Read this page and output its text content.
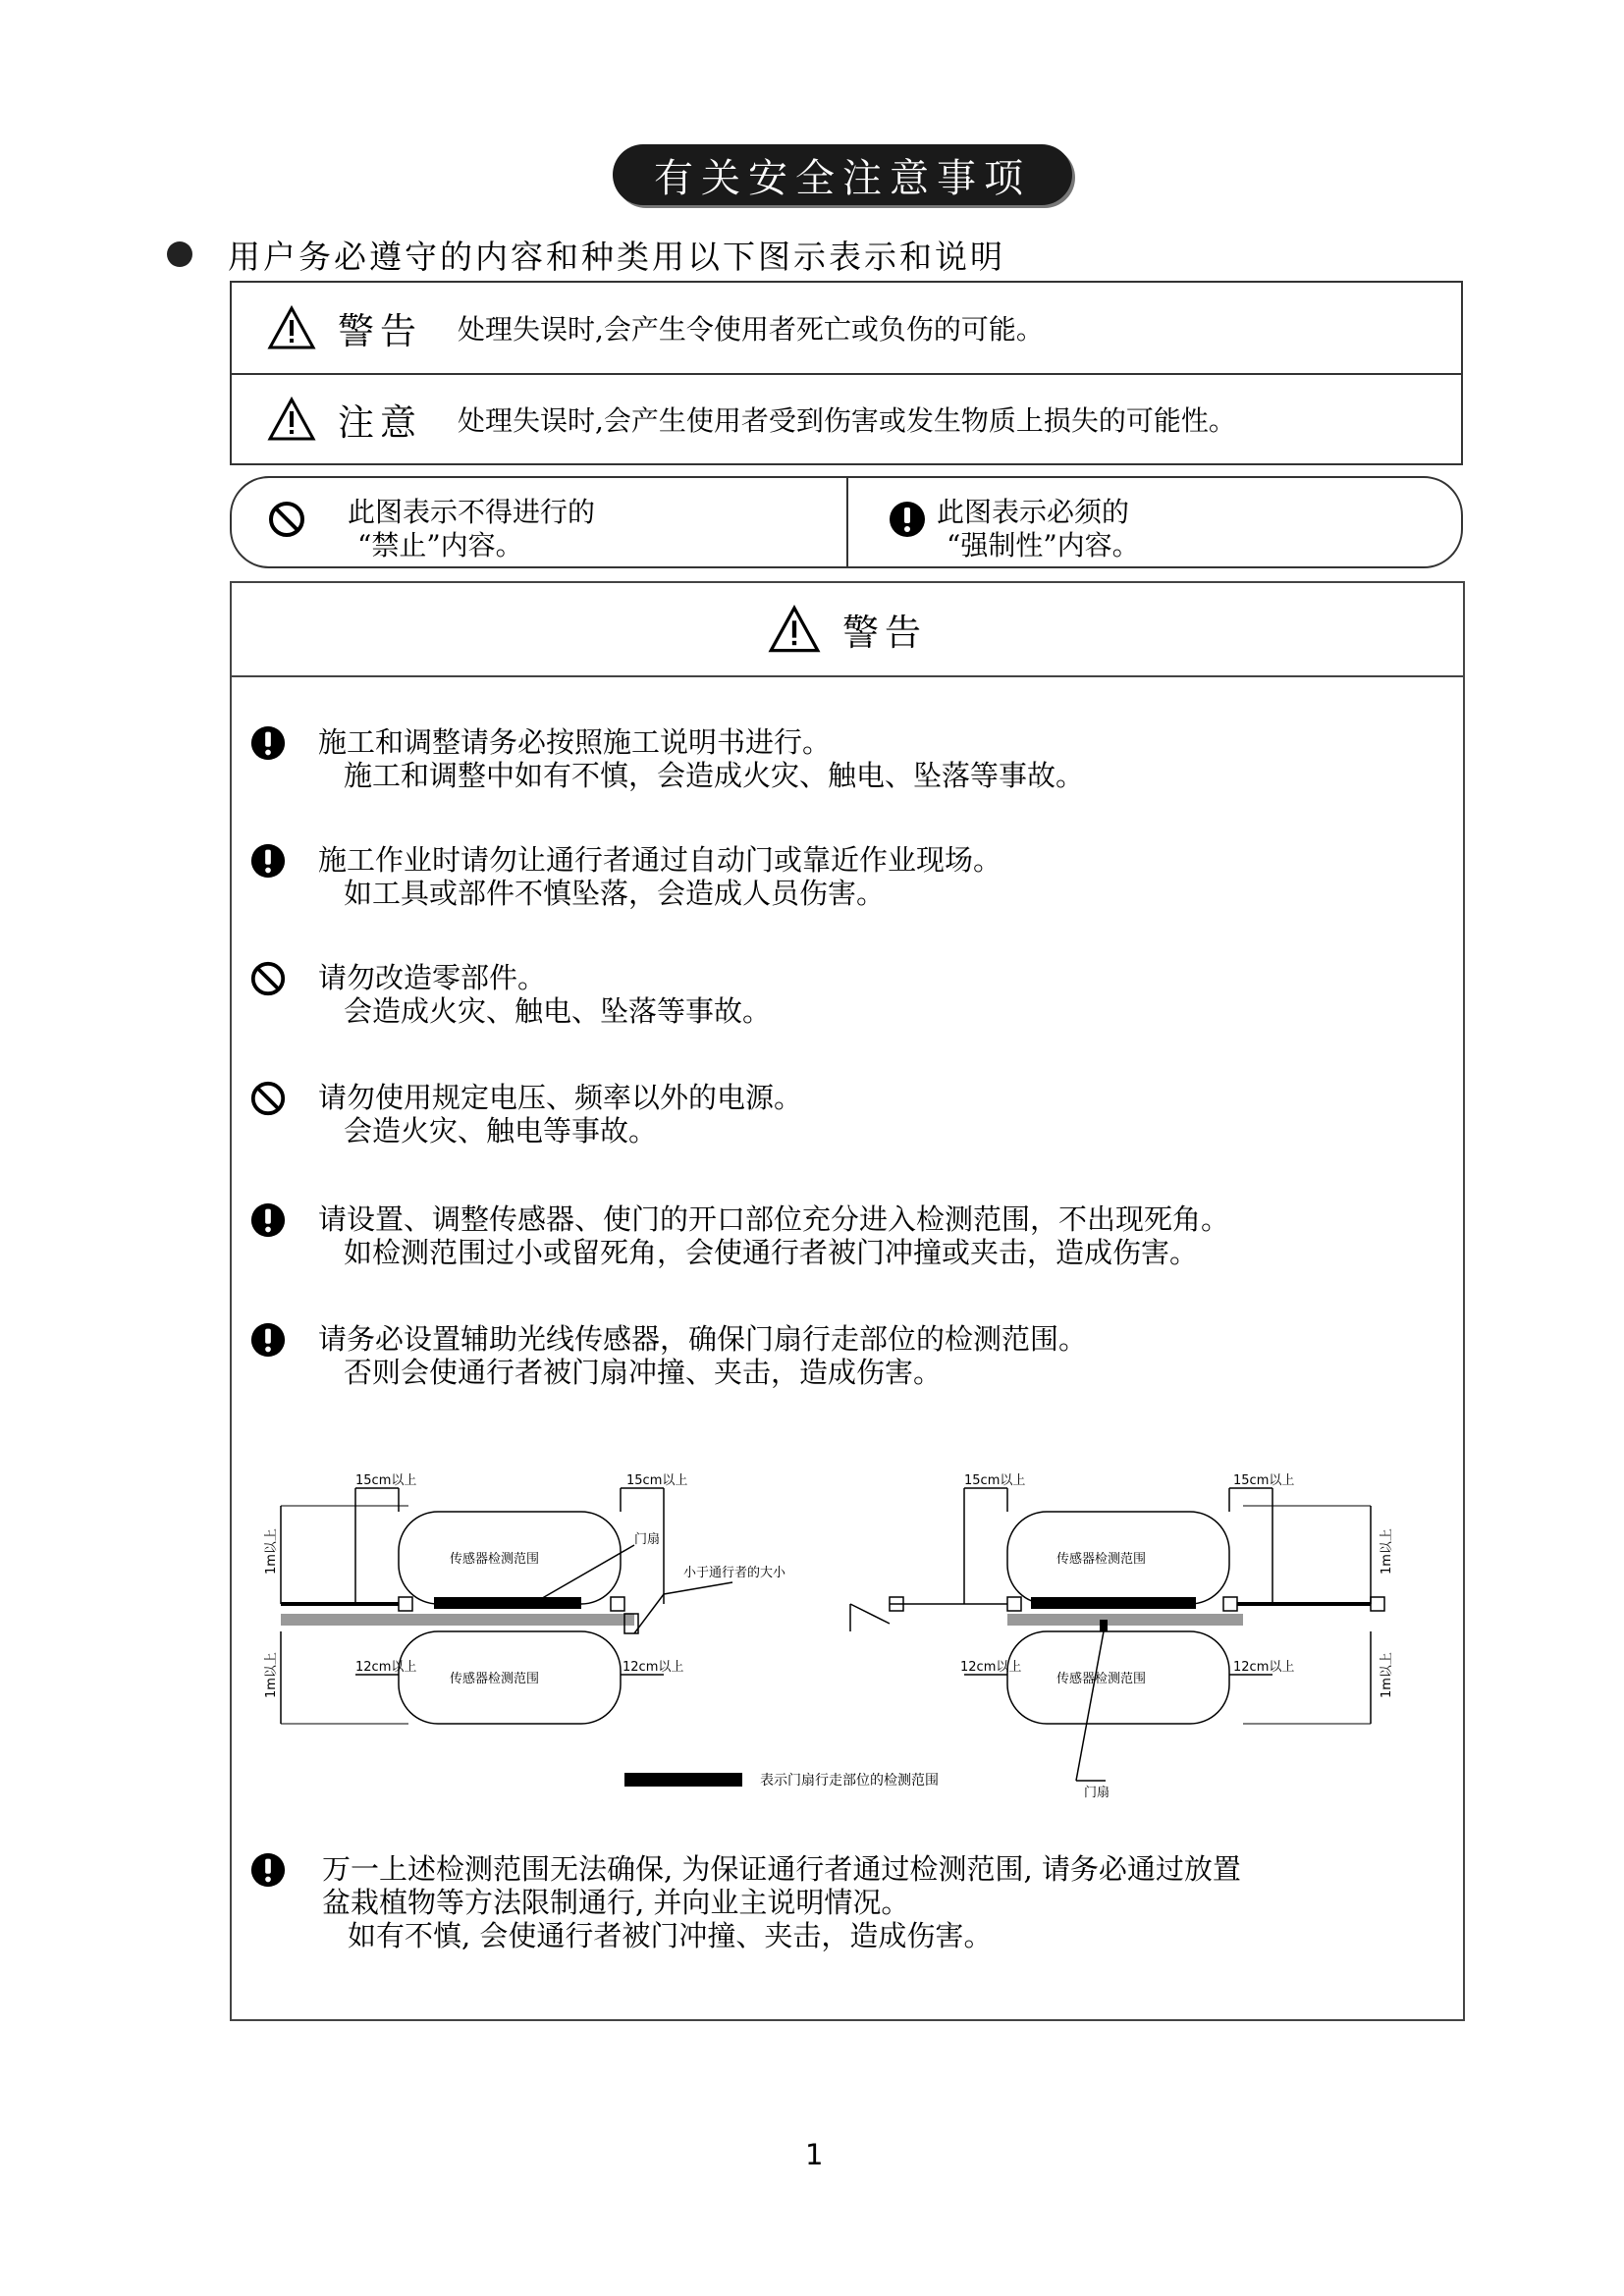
有关安全注意事项
用户务必遵守的内容和种类用以下图示表示和说明
警告	处理失误时,会产生令使用者死亡或负伤的可能。
注意	处理失误时,会产生使用者受到伤害或发生物质上损失的可能性。
此图表示不得进行的
“禁止”内容。
此图表示必须的
“强制性”内容。
警告
施工和调整请务必按照施工说明书进行。
施工和调整中如有不慎，会造成火灾、触电、坠落等事故。
施工作业时请勿让通行者通过自动门或靠近作业现场。
如工具或部件不慎坠落，会造成人员伤害。
请勿改造零部件。
会造成火灾、触电、坠落等事故。
请勿使用规定电压、频率以外的电源。
会造火灾、触电等事故。
请设置、调整传感器、使门的开口部位充分进入检测范围，不出现死角。
如检测范围过小或留死角，会使通行者被门冲撞或夹击，造成伤害。
请务必设置辅助光线传感器，确保门扇行走部位的检测范围。
否则会使通行者被门扇冲撞、夹击，造成伤害。
15cm以上	15cm以上
传感器检测范围
传感器检测范围
门扇
小于通行者的大小
12cm以上	12cm以上
1m以上
1m以上
15cm以上	15cm以上
传感器检测范围
传感器检测范围
12cm以上	12cm以上
门扇
1m以上
1m以上
表示门扇行走部位的检测范围
万一上述检测范围无法确保, 为保证通行者通过检测范围, 请务必通过放置
盆栽植物等方法限制通行, 并向业主说明情况。
如有不慎, 会使通行者被门冲撞、夹击，造成伤害。
1
